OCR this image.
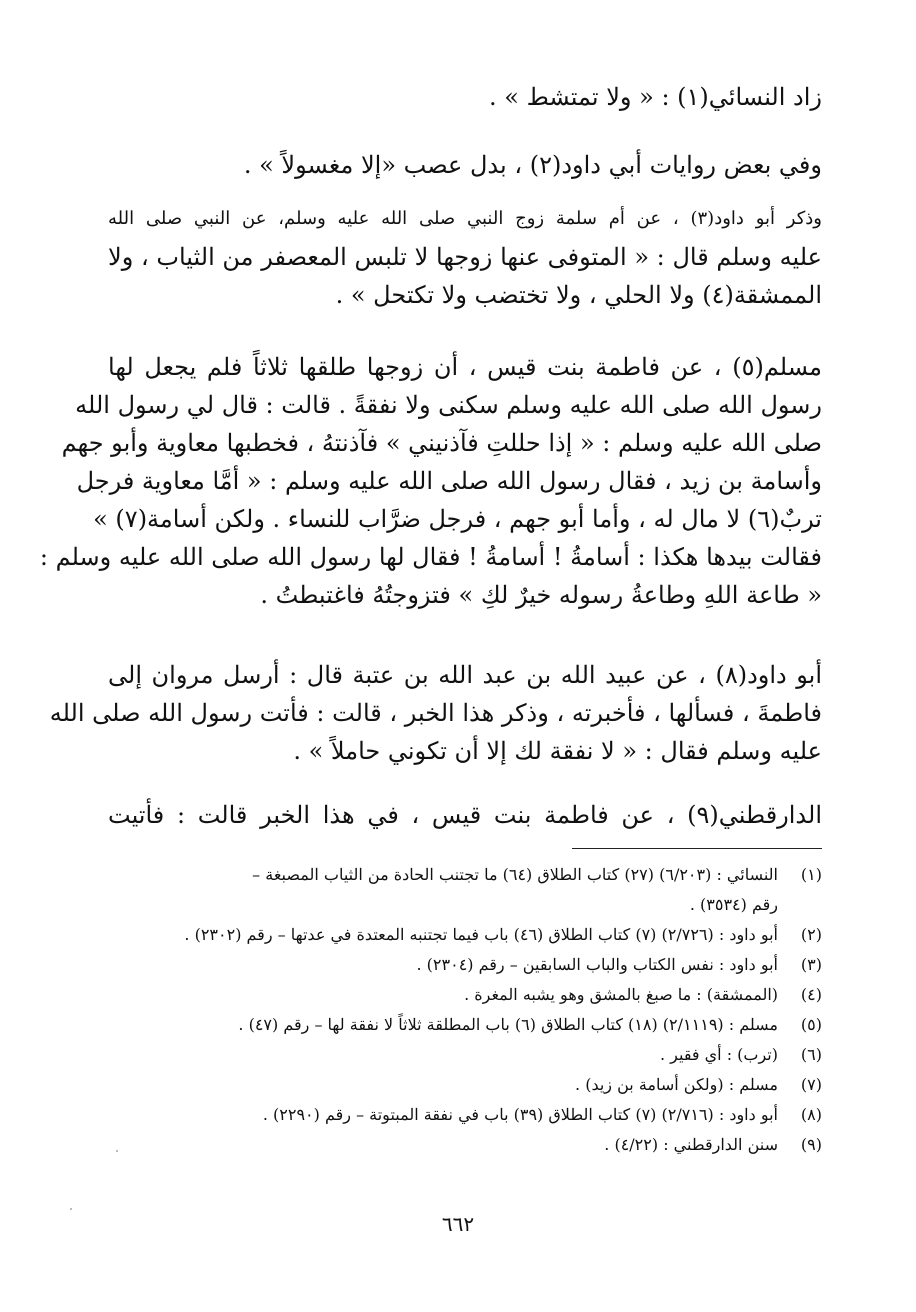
زاد النسائي(١) : « ولا تمتشط » .
وفي بعض روايات أبي داود(٢) ، بدل عصب «إلا مغسولاً » .
وذكر أبو داود(٣) ، عن أم سلمة زوج النبي صلى الله عليه وسلم، عن النبي صلى الله
عليه وسلم قال : « المتوفى عنها زوجها لا تلبس المعصفر من الثياب ، ولا
الممشقة(٤) ولا الحلي ، ولا تختضب ولا تكتحل » .
مسلم(٥) ، عن فاطمة بنت قيس ، أن زوجها طلقها ثلاثاً فلم يجعل لها
رسول الله صلى الله عليه وسلم سكنى ولا نفقةً . قالت : قال لي رسول الله
صلى الله عليه وسلم : « إذا حللتِ فآذنيني » فآذنتهُ ، فخطبها معاوية وأبو جهم
وأسامة بن زيد ، فقال رسول الله صلى الله عليه وسلم : « أمَّا معاوية فرجل
تربٌ(٦) لا مال له ، وأما أبو جهم ، فرجل ضرَّاب للنساء . ولكن أسامة(٧) »
فقالت بيدها هكذا : أسامةُ ! أسامةُ ! فقال لها رسول الله صلى الله عليه وسلم :
« طاعة اللهِ وطاعةُ رسوله خيرٌ لكِ » فتزوجتُهُ فاغتبطتُ .
أبو داود(٨) ، عن عبيد الله بن عبد الله بن عتبة قال : أرسل مروان إلى
فاطمةَ ، فسألها ، فأخبرته ، وذكر هذا الخبر ، قالت : فأتت رسول الله صلى الله
عليه وسلم فقال : « لا نفقة لك إلا أن تكوني حاملاً » .
الدارقطني(٩) ، عن فاطمة بنت قيس ، في هذا الخبر قالت : فأتيت
(١)
النسائي : (٦/٢٠٣) (٢٧) كتاب الطلاق (٦٤) ما تجتنب الحادة من الثياب المصبغة –
رقم (٣٥٣٤) .
(٢)
أبو داود : (٢/٧٢٦) (٧) كتاب الطلاق (٤٦) باب فيما تجتنبه المعتدة في عدتها – رقم (٢٣٠٢) .
(٣)
أبو داود : نفس الكتاب والباب السابقين – رقم (٢٣٠٤) .
(٤)
(الممشقة) : ما صبغ بالمشق وهو يشبه المغرة .
(٥)
مسلم : (٢/١١١٩) (١٨) كتاب الطلاق (٦) باب المطلقة ثلاثاً لا نفقة لها – رقم (٤٧) .
(٦)
(ترب) : أي فقير .
(٧)
مسلم : (ولكن أسامة بن زيد) .
(٨)
أبو داود : (٢/٧١٦) (٧) كتاب الطلاق (٣٩) باب في نفقة المبتوتة – رقم (٢٢٩٠) .
(٩)
سنن الدارقطني : (٤/٢٢) .
٦٦٢
